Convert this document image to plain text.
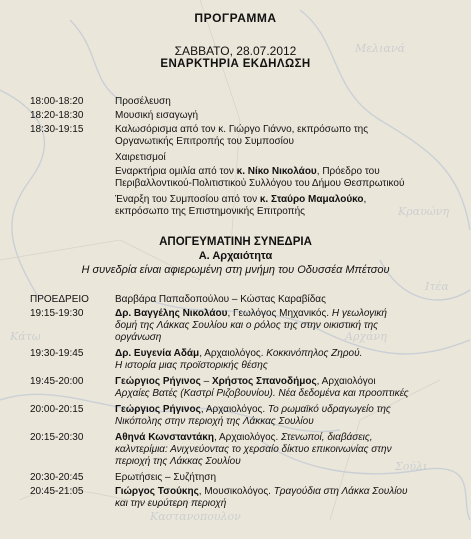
Μελιανά
Κραυώνη
Αρχάνη
Ιτέα
Σούλι
Καστανοπουλον
Κάτω
ΠΡΟΓΡΑΜΜΑ
ΣΑΒΒΑΤΟ, 28.07.2012
ΕΝΑΡΚΤΗΡΙΑ ΕΚΔΗΛΩΣΗ
18:00-18:20	Προσέλευση
18:20-18:30	Μουσική εισαγωγή
18:30-19:15	Καλωσόρισμα από τον κ. Γιώργο Γιάννο, εκπρόσωπο της
Οργανωτικής Επιτροπής του Συμποσίου
Χαιρετισμοί
Εναρκτήρια ομιλία από τον κ. Νίκο Νικολάου, Πρόεδρο του
Περιβαλλοντικού-Πολιτιστικού Συλλόγου του Δήμου Θεσπρωτικού
Έναρξη του Συμποσίου από τον κ. Σταύρο Μαμαλούκο,
εκπρόσωπο της Επιστημονικής Επιτροπής
ΑΠΟΓΕΥΜΑΤΙΝΗ ΣΥΝΕΔΡΙΑ
Α. Αρχαιότητα
Η συνεδρία είναι αφιερωμένη στη μνήμη του Οδυσσέα Μπέτσου
ΠΡΟΕΔΡΕΙΟ	Βαρβάρα Παπαδοπούλου – Κώστας Καραβίδας
19:15-19:30	Δρ. Βαγγέλης Νικολάου, Γεωλόγος Μηχανικός. Η γεωλογική
δομή της Λάκκας Σουλίου και ο ρόλος της στην οικιστική της
οργάνωση
19:30-19:45	Δρ. Ευγενία Αδάμ, Αρχαιολόγος. Κοκκινόπηλος Ζηρού.
Η ιστορία μιας προϊστορικής θέσης
19:45-20:00	Γεώργιος Ρήγινος – Χρήστος Σπανοδήμος, Αρχαιολόγοι
Αρχαίες Βατές (Καστρί Ριζοβουνίου). Νέα δεδομένα και προοπτικές
20:00-20:15	Γεώργιος Ρήγινος, Αρχαιολόγος. Το ρωμαϊκό υδραγωγείο της
Νικόπολης στην περιοχή της Λάκκας Σουλίου
20:15-20:30	Αθηνά Κωνσταντάκη, Αρχαιολόγος. Στενωποί, διαβάσεις,
καλντερίμια: Ανιχνεύοντας το χερσαίο δίκτυο επικοινωνίας στην
περιοχή της Λάκκας Σουλίου
20:30-20:45	Ερωτήσεις – Συζήτηση
20:45-21:05	Γιώργος Τσούκης, Μουσικολόγος. Τραγούδια στη Λάκκα Σουλίου
και την ευρύτερη περιοχή
